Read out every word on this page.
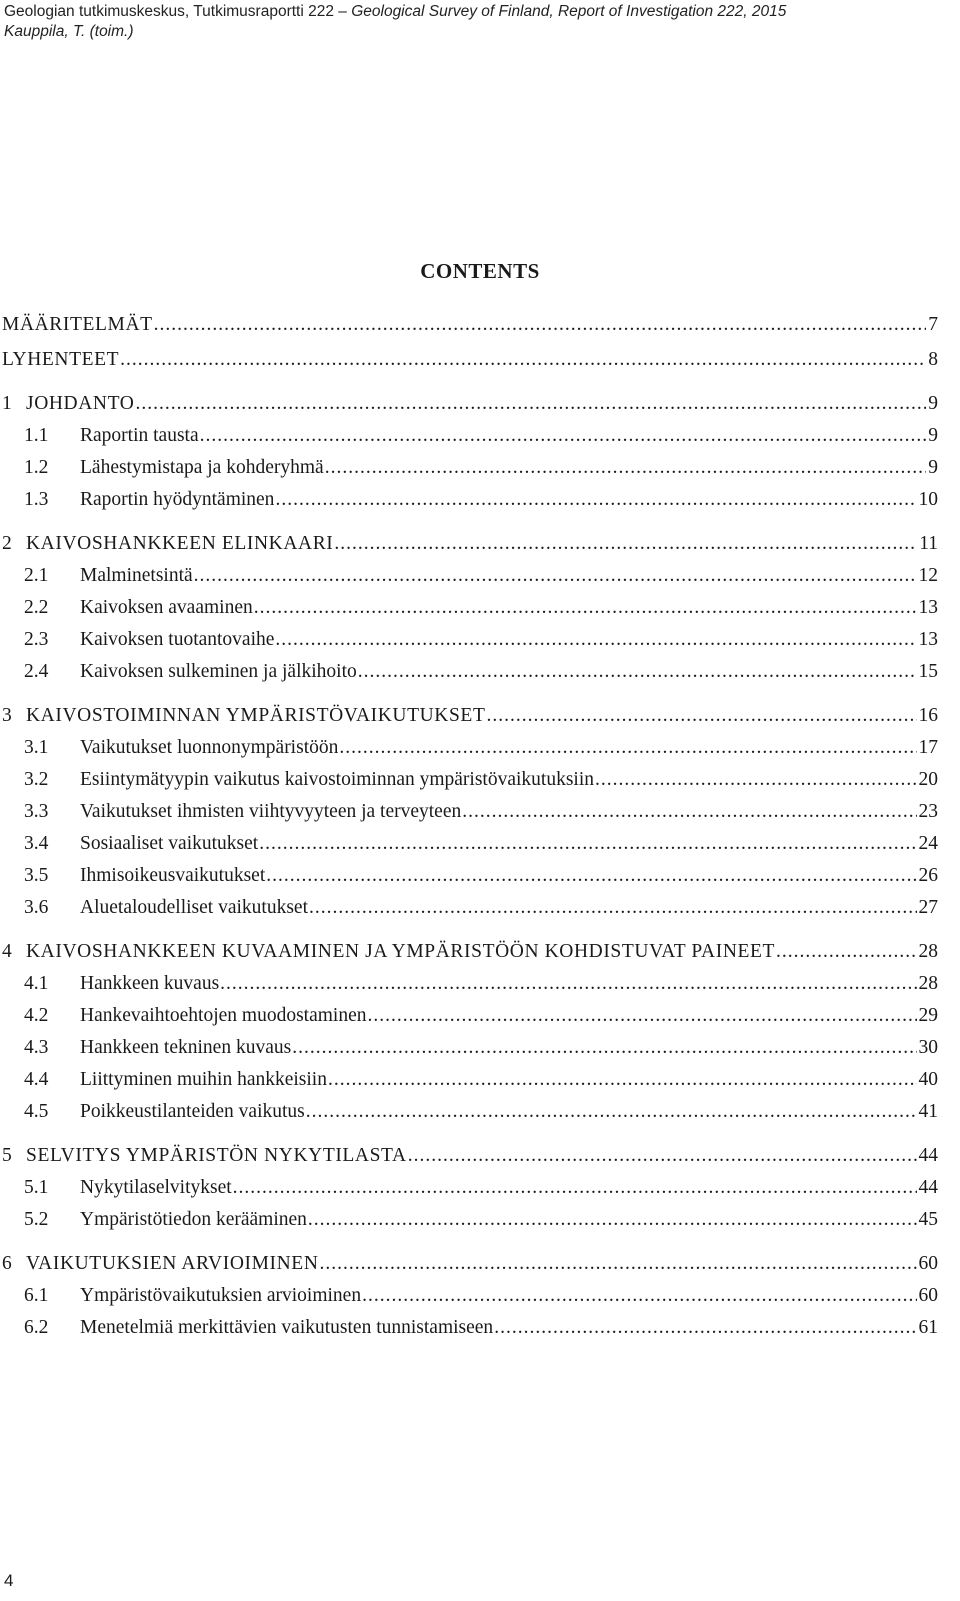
Geologian tutkimuskeskus, Tutkimusraportti 222 – Geological Survey of Finland, Report of Investigation 222, 2015
Kauppila, T. (toim.)
CONTENTS
MÄÄRITELMÄT .....	7
LYHENTEET .....	8
1 JOHDANTO .....	9
1.1	Raportin tausta .....	9
1.2	Lähestymistapa ja kohderyhmä .....	9
1.3	Raportin hyödyntäminen .....	10
2 KAIVOSHANKKEEN ELINKAARI .....	11
2.1	Malminetsintä .....	12
2.2	Kaivoksen avaaminen .....	13
2.3	Kaivoksen tuotantovaihe .....	13
2.4	Kaivoksen sulkeminen ja jälkihoito .....	15
3 KAIVOSTOIMINNAN YMPÄRISTÖVAIKUTUKSET .....	16
3.1	Vaikutukset luonnonympäristöön .....	17
3.2	Esiintymätyypin vaikutus kaivostoiminnan ympäristövaikutuksiin .....	20
3.3	Vaikutukset ihmisten viihtyvyyteen ja terveyteen .....	23
3.4	Sosiaaliset vaikutukset .....	24
3.5	Ihmisoikeusvaikutukset .....	26
3.6	Aluetaloudelliset vaikutukset .....	27
4 KAIVOSHANKKEEN KUVAAMINEN JA YMPÄRISTÖÖN KOHDISTUVAT PAINEET .....	28
4.1	Hankkeen kuvaus .....	28
4.2	Hankevaihtoehtojen muodostaminen .....	29
4.3	Hankkeen tekninen kuvaus .....	30
4.4	Liittyminen muihin hankkeisiin .....	40
4.5	Poikkeustilanteiden vaikutus .....	41
5 SELVITYS YMPÄRISTÖN NYKYTILASTA .....	44
5.1	Nykytilaselvitykset .....	44
5.2	Ympäristötiedon kerääminen .....	45
6 VAIKUTUKSIEN ARVIOIMINEN .....	60
6.1	Ympäristövaikutuksien arvioiminen .....	60
6.2	Menetelmiä merkittävien vaikutusten tunnistamiseen .....	61
4
